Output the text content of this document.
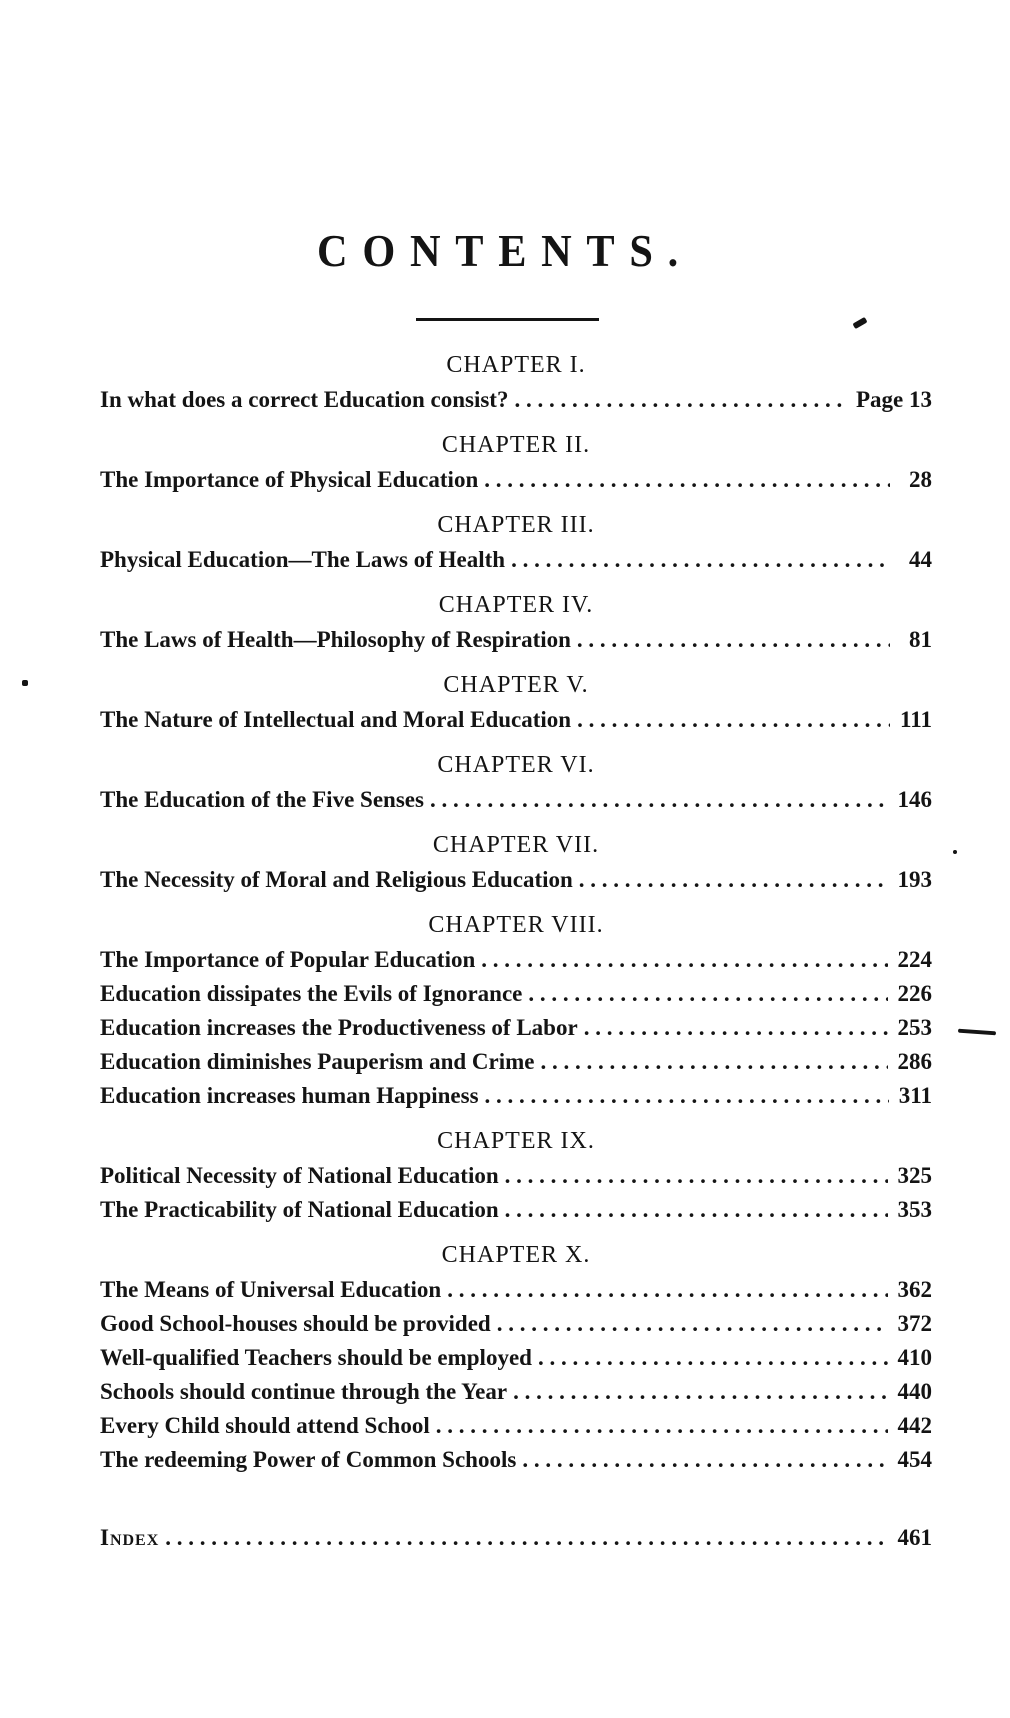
CONTENTS.
CHAPTER I.
In what does a correct Education consist? . . .	Page 13
CHAPTER II.
The Importance of Physical Education . . .	28
CHAPTER III.
Physical Education—The Laws of Health . . .	44
CHAPTER IV.
The Laws of Health—Philosophy of Respiration . . .	81
CHAPTER V.
The Nature of Intellectual and Moral Education . . .	111
CHAPTER VI.
The Education of the Five Senses . . .	146
CHAPTER VII.
The Necessity of Moral and Religious Education . . .	193
CHAPTER VIII.
The Importance of Popular Education . . .	224
Education dissipates the Evils of Ignorance . . .	226
Education increases the Productiveness of Labor . . .	253
Education diminishes Pauperism and Crime . . .	286
Education increases human Happiness . . .	311
CHAPTER IX.
Political Necessity of National Education . . .	325
The Practicability of National Education . . .	353
CHAPTER X.
The Means of Universal Education . . .	362
Good School-houses should be provided . . .	372
Well-qualified Teachers should be employed . . .	410
Schools should continue through the Year . . .	440
Every Child should attend School . . .	442
The redeeming Power of Common Schools . . .	454
Index . . .	461
